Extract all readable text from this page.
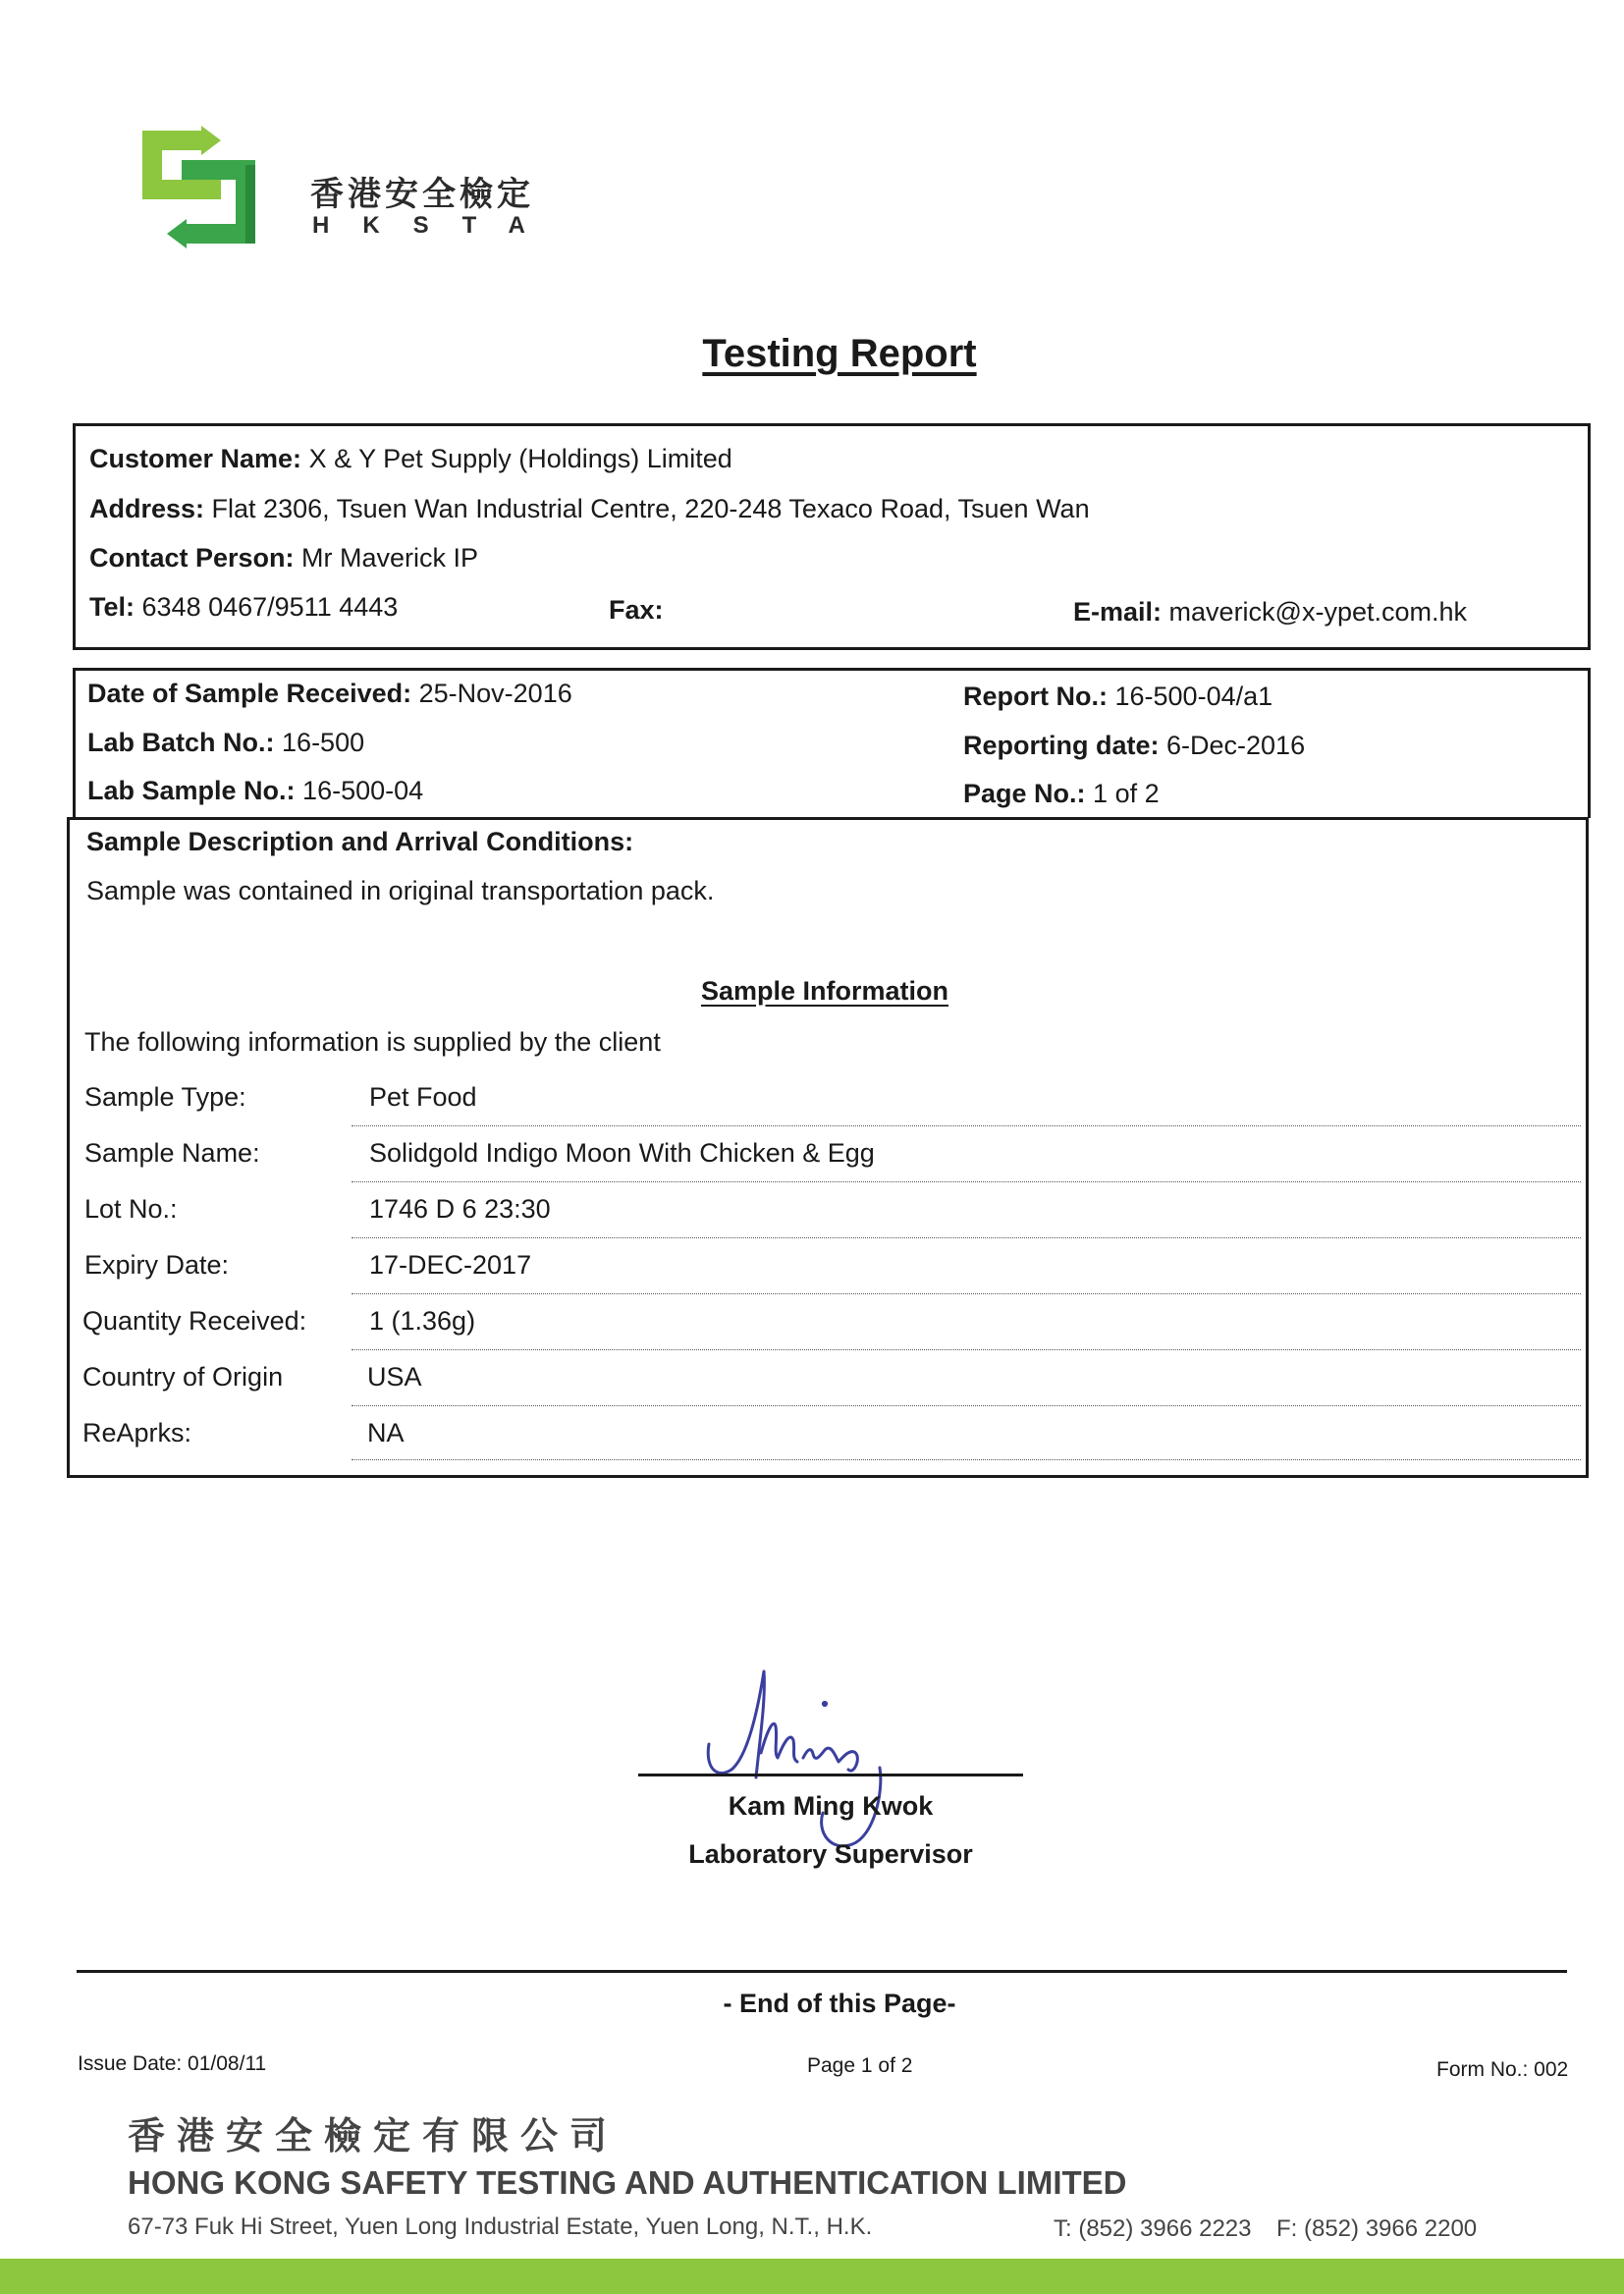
香港安全檢定
HKSTA
Testing Report
Customer Name: X & Y Pet Supply (Holdings) Limited
Address: Flat 2306, Tsuen Wan Industrial Centre, 220-248 Texaco Road, Tsuen Wan
Contact Person: Mr Maverick IP
Tel: 6348 0467/9511 4443	Fax:	E-mail: maverick@x-ypet.com.hk
Date of Sample Received: 25-Nov-2016
Lab Batch No.: 16-500
Lab Sample No.: 16-500-04
Report No.: 16-500-04/a1
Reporting date: 6-Dec-2016
Page No.: 1 of 2
Sample Description and Arrival Conditions:
Sample was contained in original transportation pack.
Sample Information
The following information is supplied by the client
Sample Type:	Pet Food
Sample Name:	Solidgold Indigo Moon With Chicken & Egg
Lot No.:	1746 D 6 23:30
Expiry Date:	17-DEC-2017
Quantity Received: 1 (1.36g)
Country of Origin	USA
ReAprks:	NA
Kam Ming Kwok
Laboratory Supervisor
- End of this Page-
Issue Date: 01/08/11	Page 1 of 2	Form No.: 002
香港安全檢定有限公司
HONG KONG SAFETY TESTING AND AUTHENTICATION LIMITED
67-73 Fuk Hi Street, Yuen Long Industrial Estate, Yuen Long, N.T., H.K.	T: (852) 3966 2223 F: (852) 3966 2200
